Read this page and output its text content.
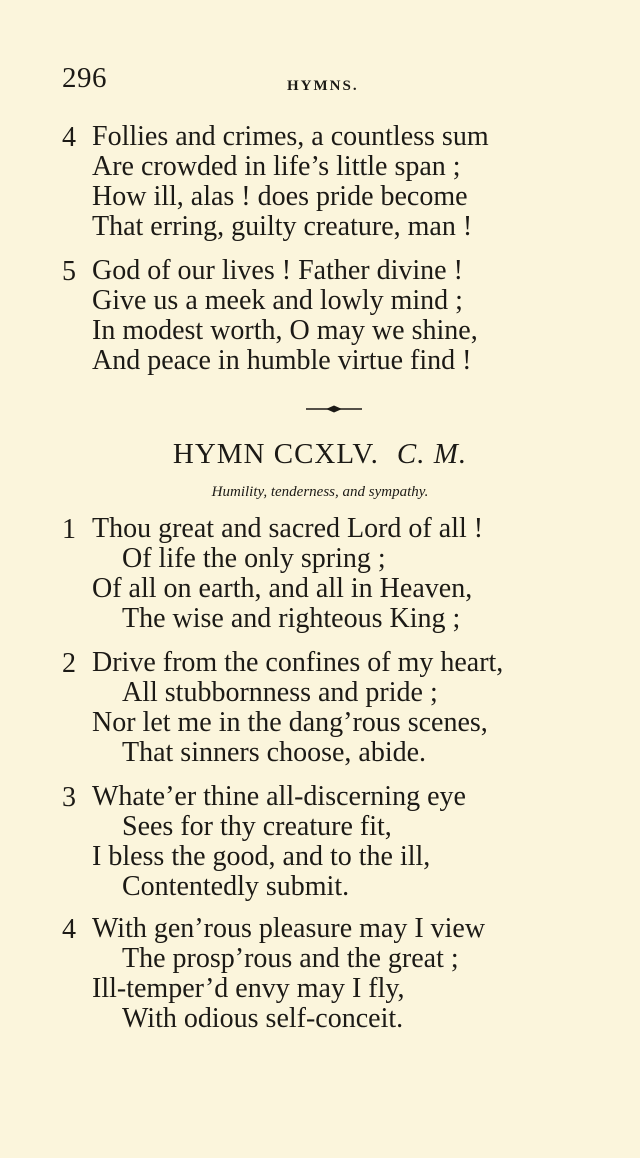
296	HYMNS.
4 Follies and crimes, a countless sum
Are crowded in life’s little span ;
How ill, alas ! does pride become
That erring, guilty creature, man !
5 God of our lives ! Father divine !
Give us a meek and lowly mind ;
In modest worth, O may we shine,
And peace in humble virtue find !
HYMN CCXLV. C. M.
Humility, tenderness, and sympathy.
1 Thou great and sacred Lord of all !
Of life the only spring ;
Of all on earth, and all in Heaven,
The wise and righteous King ;
2 Drive from the confines of my heart,
All stubbornness and pride ;
Nor let me in the dang’rous scenes,
That sinners choose, abide.
3 Whate’er thine all-discerning eye
Sees for thy creature fit,
I bless the good, and to the ill,
Contentedly submit.
4 With gen’rous pleasure may I view
The prosp’rous and the great ;
Ill-temper’d envy may I fly,
With odious self-conceit.
